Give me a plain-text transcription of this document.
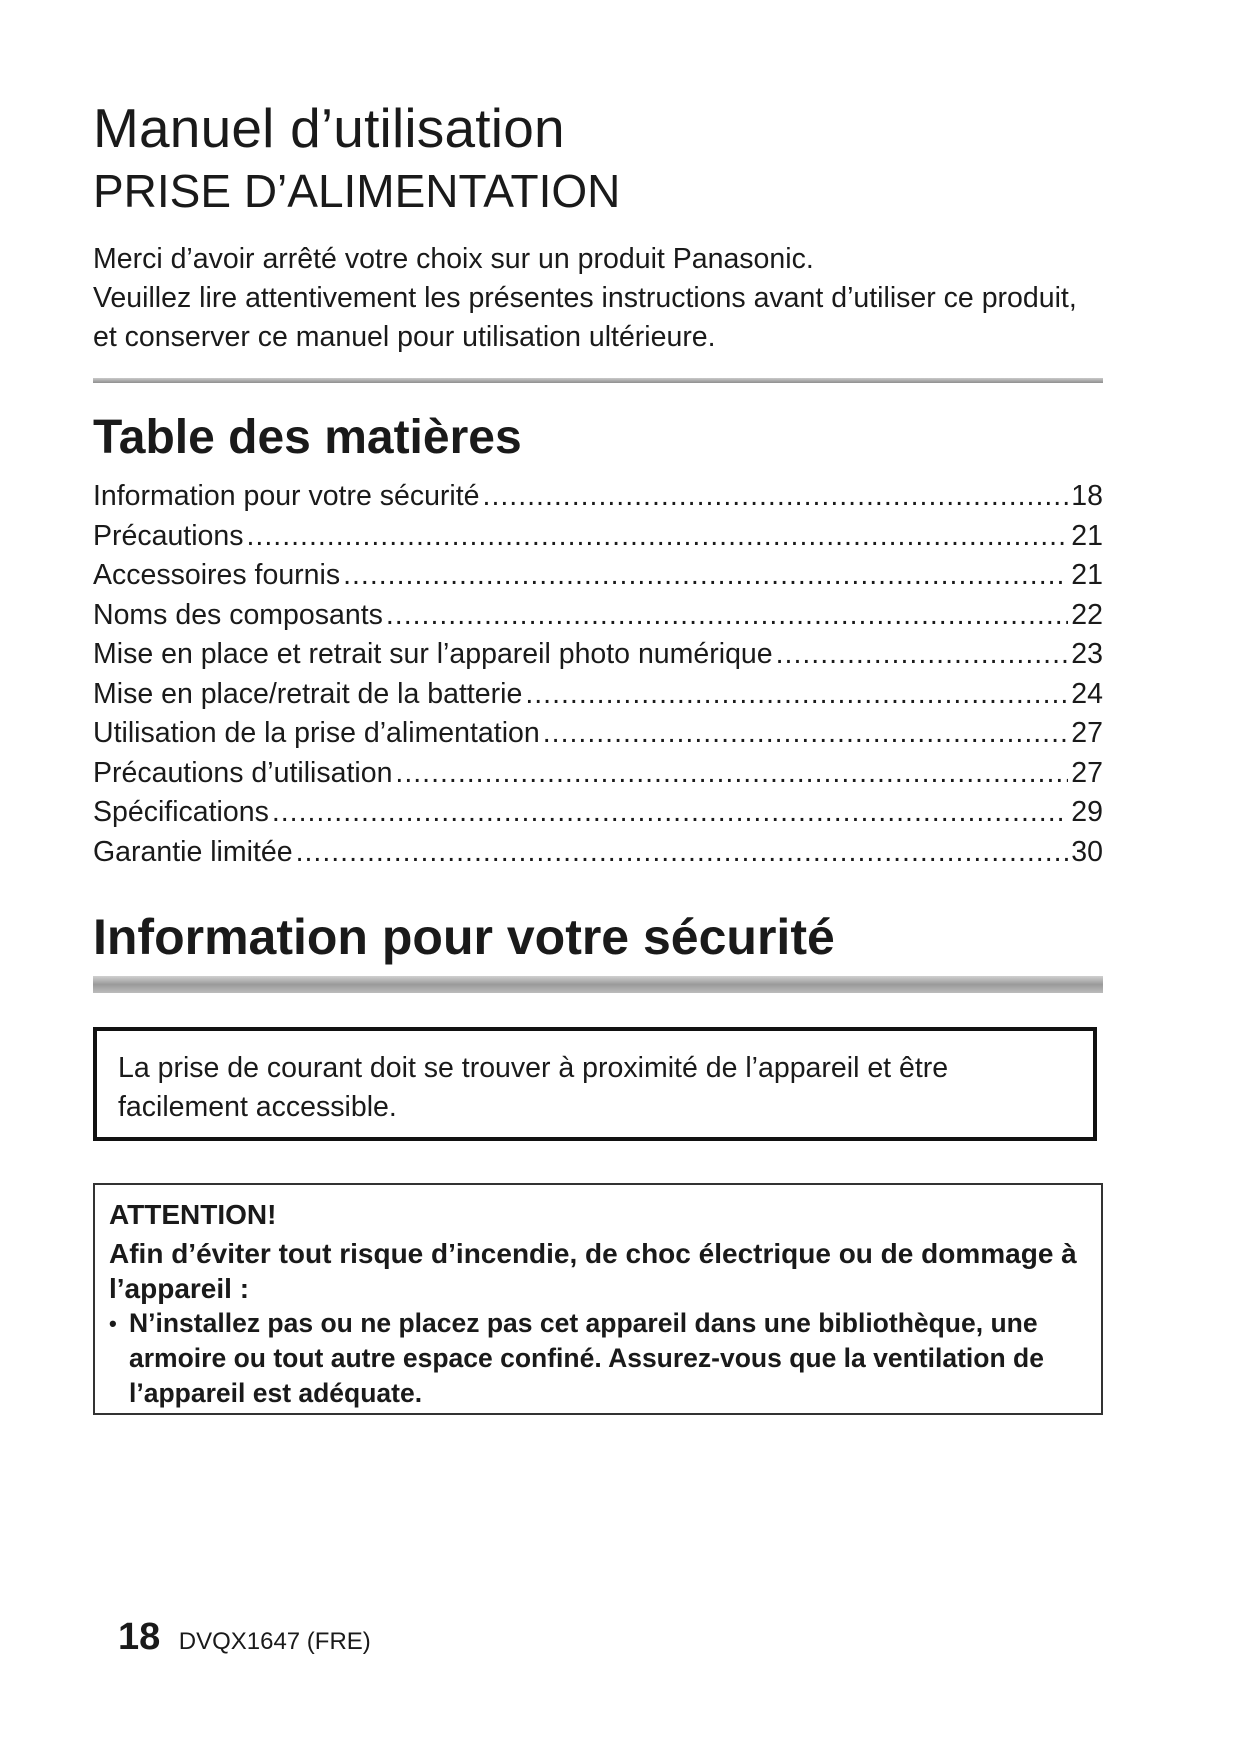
Manuel d’utilisation
PRISE D’ALIMENTATION

Merci d’avoir arrêté votre choix sur un produit Panasonic.

Veuillez lire attentivement les présentes instructions avant d’utiliser ce produit, et conserver ce manuel pour utilisation ultérieure.

Table des matières
Information pour votre sécurité .....	18
Précautions .....	21
Accessoires fournis .....	21
Noms des composants .....	22
Mise en place et retrait sur l’appareil photo numérique .....	23
Mise en place/retrait de la batterie .....	24
Utilisation de la prise d’alimentation .....	27
Précautions d’utilisation .....	27
Spécifications .....	29
Garantie limitée .....	30
Information pour votre sécurité
La prise de courant doit se trouver à proximité de l’appareil et être facilement accessible.

ATTENTION!

Afin d’éviter tout risque d’incendie, de choc électrique ou de dommage à l’appareil :

• N’installez pas ou ne placez pas cet appareil dans une bibliothèque, une armoire ou tout autre espace confiné. Assurez-vous que la ventilation de l’appareil est adéquate.

18 DVQX1647 (FRE)
